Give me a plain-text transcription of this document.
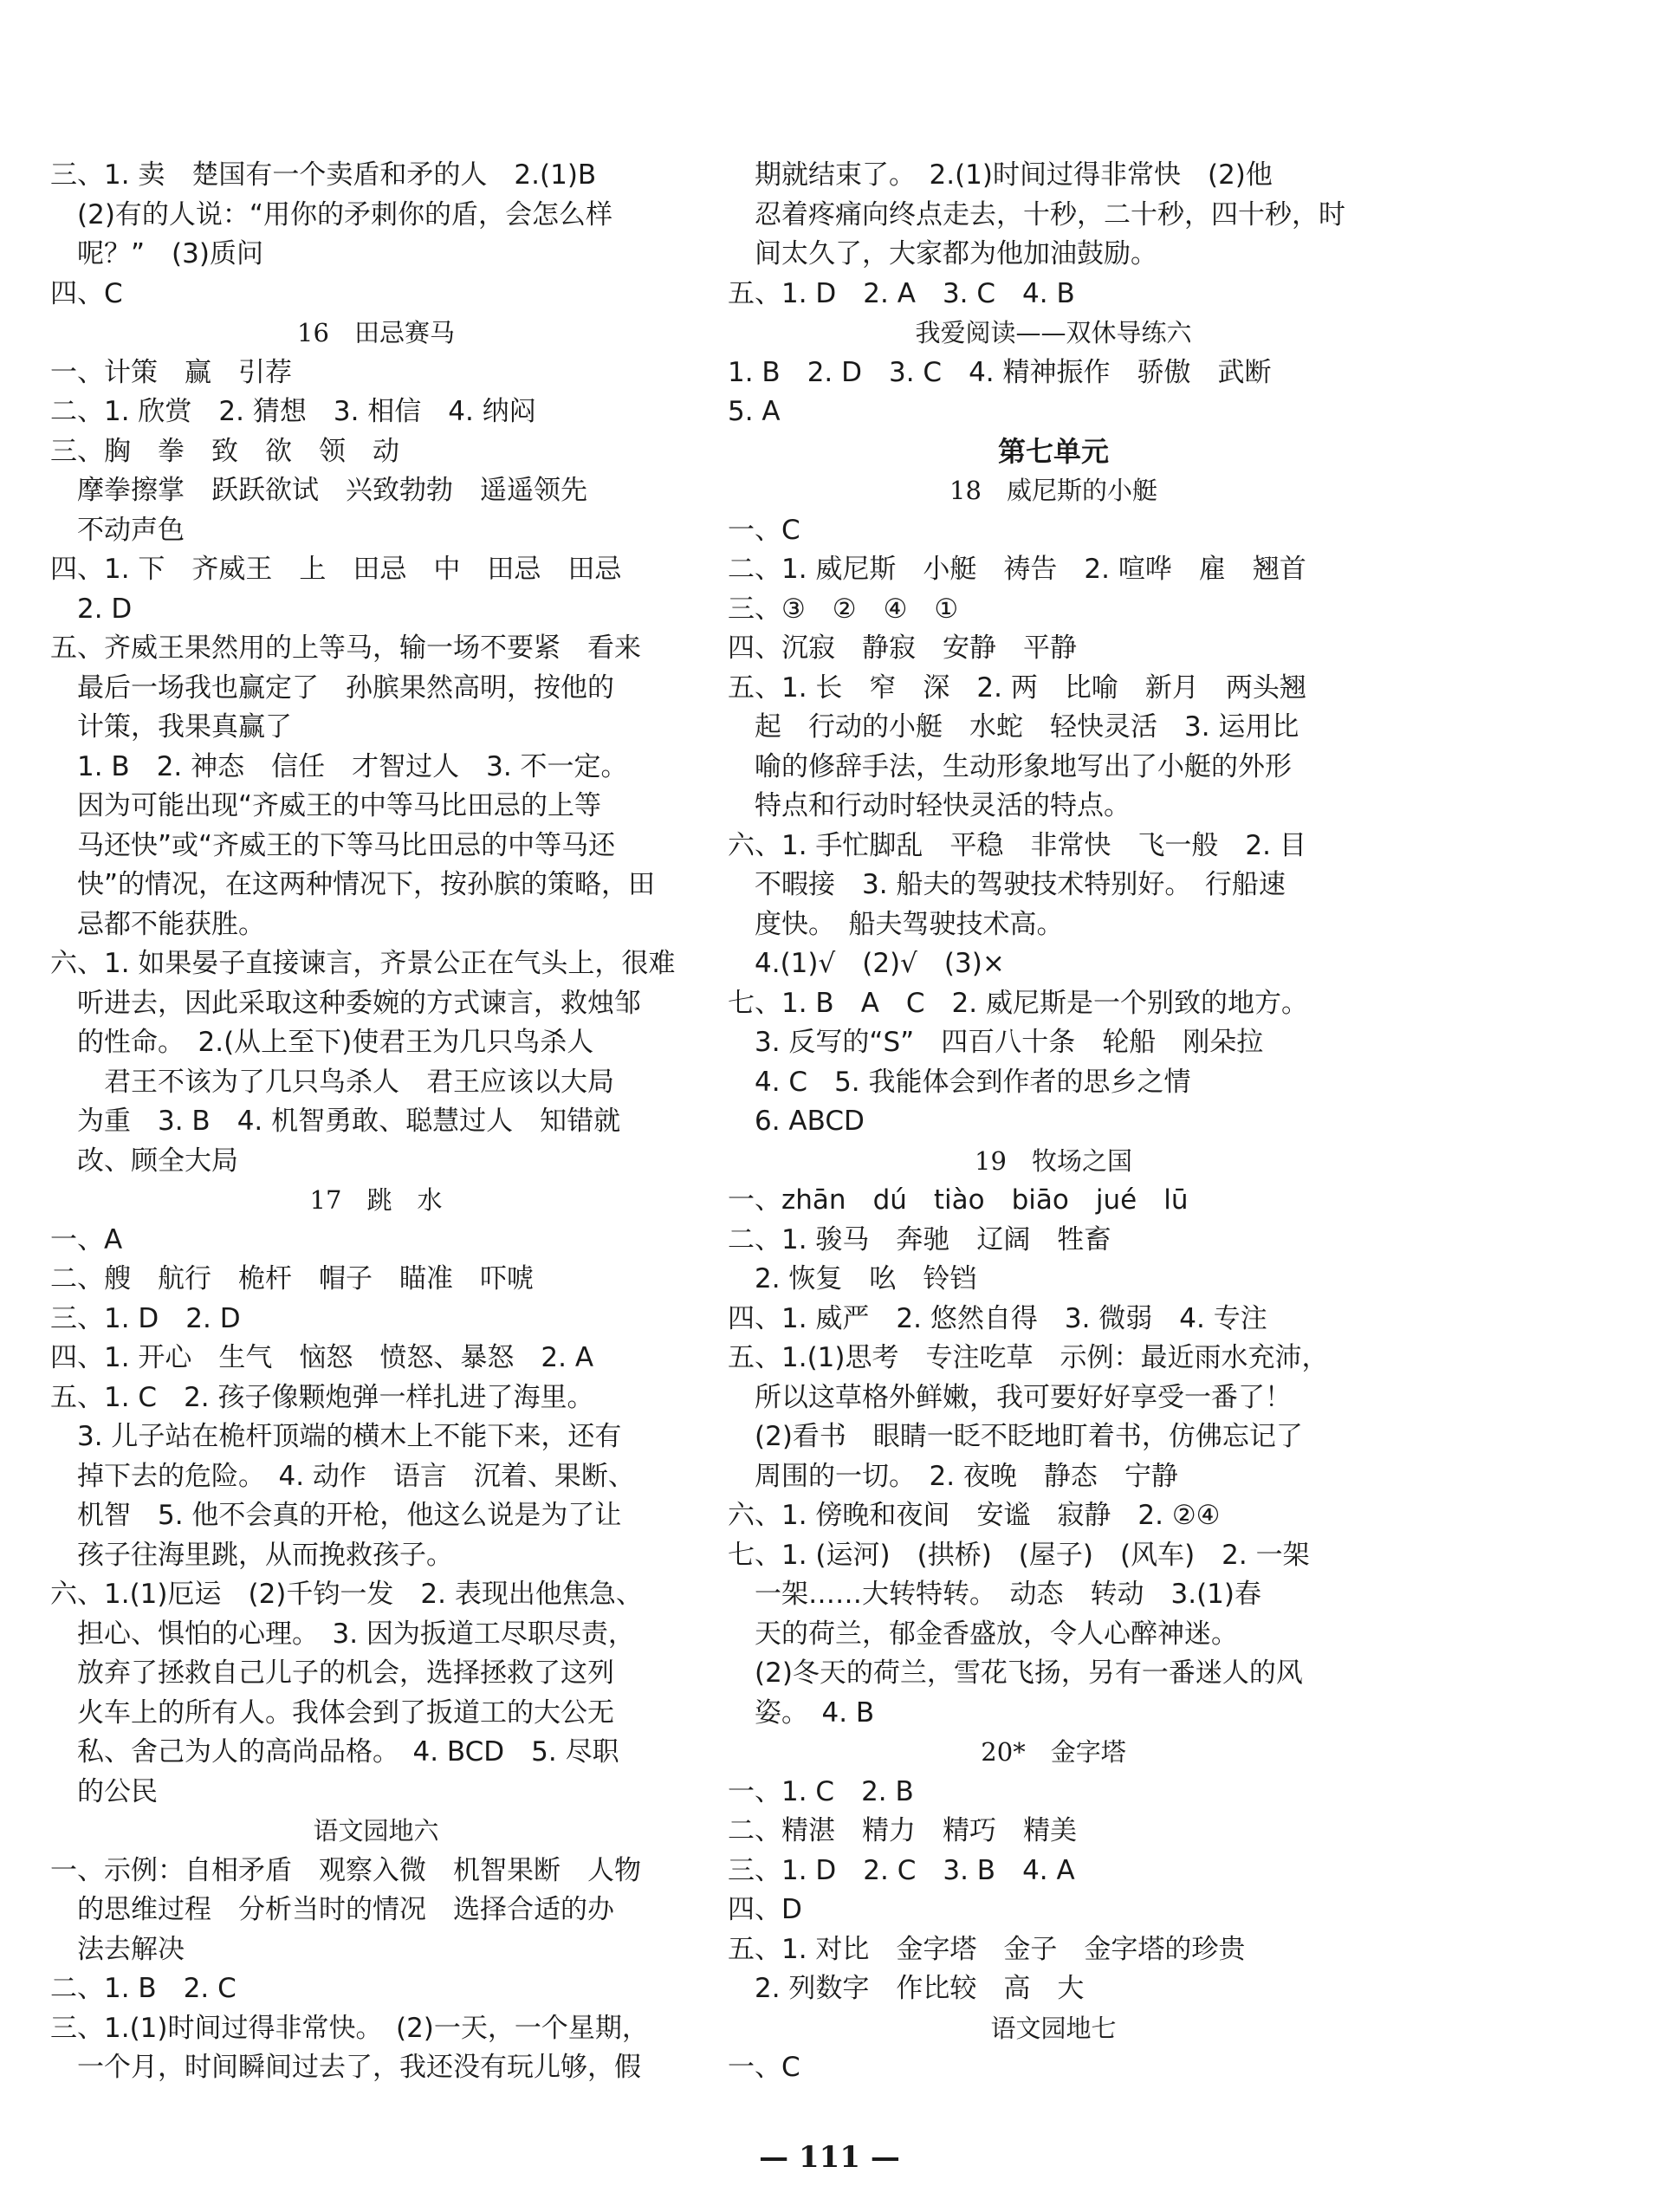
三、1. 卖　楚国有一个卖盾和矛的人　2.(1)B
　(2)有的人说：“用你的矛刺你的盾，会怎么样
　呢？”　(3)质问
四、C
16　田忌赛马
一、计策　赢　引荐
二、1. 欣赏　2. 猜想　3. 相信　4. 纳闷
三、胸　拳　致　欲　领　动
　摩拳擦掌　跃跃欲试　兴致勃勃　遥遥领先
　不动声色
四、1. 下　齐威王　上　田忌　中　田忌　田忌
　2. D
五、齐威王果然用的上等马，输一场不要紧　看来
　最后一场我也赢定了　孙膑果然高明，按他的
　计策，我果真赢了
　1. B　2. 神态　信任　才智过人　3. 不一定。
　因为可能出现“齐威王的中等马比田忌的上等
　马还快”或“齐威王的下等马比田忌的中等马还
　快”的情况，在这两种情况下，按孙膑的策略，田
　忌都不能获胜。
六、1. 如果晏子直接谏言，齐景公正在气头上，很难
　听进去，因此采取这种委婉的方式谏言，救烛邹
　的性命。　2.(从上至下)使君王为几只鸟杀人
　　君王不该为了几只鸟杀人　君王应该以大局
　为重　3. B　4. 机智勇敢、聪慧过人　知错就
　改、顾全大局
17　跳　水
一、A
二、艘　航行　桅杆　帽子　瞄准　吓唬
三、1. D　2. D
四、1. 开心　生气　恼怒　愤怒、暴怒　2. A
五、1. C　2. 孩子像颗炮弹一样扎进了海里。
　3. 儿子站在桅杆顶端的横木上不能下来，还有
　掉下去的危险。　4. 动作　语言　沉着、果断、
　机智　5. 他不会真的开枪，他这么说是为了让
　孩子往海里跳，从而挽救孩子。
六、1.(1)厄运　(2)千钧一发　2. 表现出他焦急、
　担心、惧怕的心理。　3. 因为扳道工尽职尽责，
　放弃了拯救自己儿子的机会，选择拯救了这列
　火车上的所有人。我体会到了扳道工的大公无
　私、舍己为人的高尚品格。　4. BCD　5. 尽职
　的公民
语文园地六
一、示例：自相矛盾　观察入微　机智果断　人物
　的思维过程　分析当时的情况　选择合适的办
　法去解决
二、1. B　2. C
三、1.(1)时间过得非常快。　(2)一天，一个星期，
　一个月，时间瞬间过去了，我还没有玩儿够，假
　期就结束了。　2.(1)时间过得非常快　(2)他
　忍着疼痛向终点走去，十秒，二十秒，四十秒，时
　间太久了，大家都为他加油鼓励。
五、1. D　2. A　3. C　4. B
我爱阅读——双休导练六
1. B　2. D　3. C　4. 精神振作　骄傲　武断
5. A
第七单元
18　威尼斯的小艇
一、C
二、1. 威尼斯　小艇　祷告　2. 喧哗　雇　翘首
三、③　②　④　①
四、沉寂　静寂　安静　平静
五、1. 长　窄　深　2. 两　比喻　新月　两头翘
　起　行动的小艇　水蛇　轻快灵活　3. 运用比
　喻的修辞手法，生动形象地写出了小艇的外形
　特点和行动时轻快灵活的特点。
六、1. 手忙脚乱　平稳　非常快　飞一般　2. 目
　不暇接　3. 船夫的驾驶技术特别好。　行船速
　度快。　船夫驾驶技术高。
　4.(1)√　(2)√　(3)×
七、1. B　A　C　2. 威尼斯是一个别致的地方。
　3. 反写的“S”　四百八十条　轮船　刚朵拉
　4. C　5. 我能体会到作者的思乡之情
　6. ABCD
19　牧场之国
一、zhān　dú　tiào　biāo　jué　lū
二、1. 骏马　奔驰　辽阔　牲畜
　2. 恢复　吆　铃铛
四、1. 威严　2. 悠然自得　3. 微弱　4. 专注
五、1.(1)思考　专注吃草　示例：最近雨水充沛，
　所以这草格外鲜嫩，我可要好好享受一番了！
　(2)看书　眼睛一眨不眨地盯着书，仿佛忘记了
　周围的一切。　2. 夜晚　静态　宁静
六、1. 傍晚和夜间　安谧　寂静　2. ②④
七、1. (运河)　(拱桥)　(屋子)　(风车)　2. 一架
　一架……大转特转。　动态　转动　3.(1)春
　天的荷兰，郁金香盛放，令人心醉神迷。
　(2)冬天的荷兰，雪花飞扬，另有一番迷人的风
　姿。　4. B
20*　金字塔
一、1. C　2. B
二、精湛　精力　精巧　精美
三、1. D　2. C　3. B　4. A
四、D
五、1. 对比　金字塔　金子　金字塔的珍贵
　2. 列数字　作比较　高　大
语文园地七
一、C
— 111 —
